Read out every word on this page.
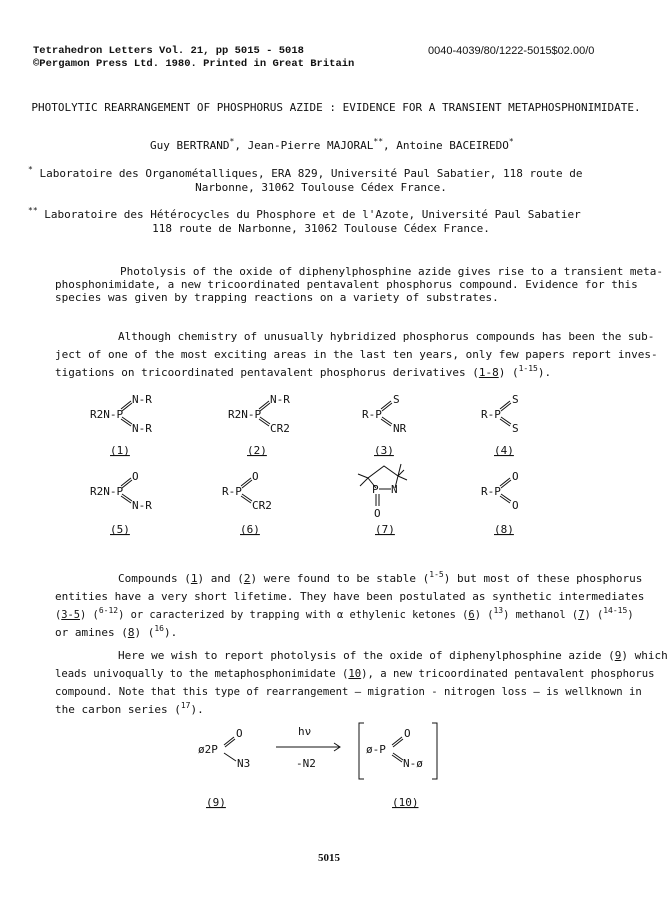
Tetrahedron Letters Vol. 21, pp 5015 - 5018
©Pergamon Press Ltd. 1980. Printed in Great Britain
0040-4039/80/1222-5015$02.00/0
PHOTOLYTIC REARRANGEMENT OF PHOSPHORUS AZIDE : EVIDENCE FOR A TRANSIENT METAPHOSPHONIMIDATE.
Guy BERTRAND*, Jean-Pierre MAJORAL**, Antoine BACEIREDO*
* Laboratoire des Organométalliques, ERA 829, Université Paul Sabatier, 118 route de
Narbonne, 31062 Toulouse Cédex France.
** Laboratoire des Hétérocycles du Phosphore et de l'Azote, Université Paul Sabatier
118 route de Narbonne, 31062 Toulouse Cédex France.
Photolysis of the oxide of diphenylphosphine azide gives rise to a transient meta-
phosphonimidate, a new tricoordinated pentavalent phosphorus compound. Evidence for this
species was given by trapping reactions on a variety of substrates.
Although chemistry of unusually hybridized phosphorus compounds has been the sub-
ject of one of the most exciting areas in the last ten years, only few papers report inves-
tigations on tricoordinated pentavalent phosphorus derivatives (1-8) ($^{1-15}$).
R2N-P
N-R
N-R
(1)
R2N-P
N-R
CR2
(2)
R-P
S
NR
(3)
R-P
S
S
(4)
R2N-P
O
N-R
(5)
R-P
O
CR2
(6)
P N
O
(7)
R-P
O
O
(8)
Compounds (1) and (2) were found to be stable ($^{1-5}$) but most of these phosphorus
entities have a very short lifetime. They have been postulated as synthetic intermediates
(3-5) ($^{6-12}$) or caracterized by trapping with α ethylenic ketones (6) ($^{13}$) methanol (7) ($^{14-15}$)
or amines (8) ($^{16}$).
Here we wish to report photolysis of the oxide of diphenylphosphine azide (9) which
leads univoqually to the metaphosphonimidate (10), a new tricoordinated pentavalent phosphorus
compound. Note that this type of rearrangement — migration - nitrogen loss — is wellknown in
the carbon series ($^{17}$).
ø2P
O
N3
hν
-N2
ø-P
O
N-ø
(9)	(10)
5015
